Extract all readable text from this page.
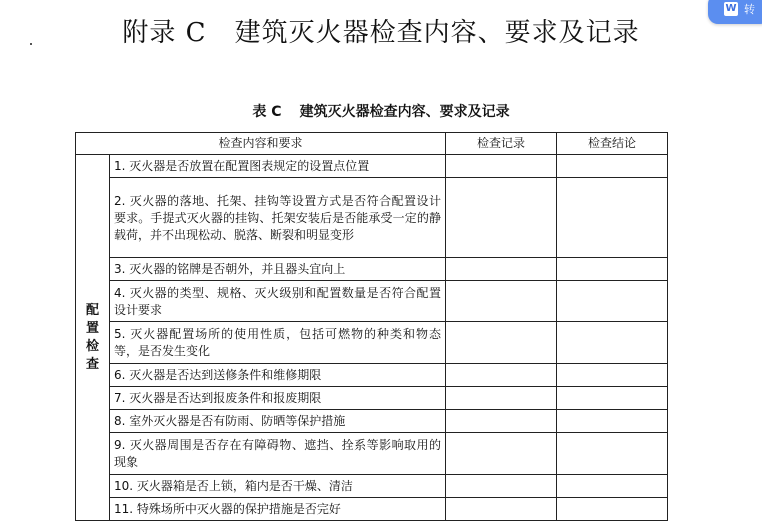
附录 C 建筑灭火器检查内容、要求及记录
W 转
表 C 建筑灭火器检查内容、要求及记录
检查内容和要求		检查记录	检查结论

配
置
检
查	1. 灭火器是否放置在配置图表规定的设置点位置		
	2. 灭火器的落地、托架、挂钩等设置方式是否符合配置设计要求。手提式灭火器的挂钩、托架安装后是否能承受一定的静载荷，并不出现松动、脱落、断裂和明显变形		
	3. 灭火器的铭牌是否朝外，并且器头宜向上		
	4. 灭火器的类型、规格、灭火级别和配置数量是否符合配置设计要求		
	5. 灭火器配置场所的使用性质，包括可燃物的种类和物态等，是否发生变化		
	6. 灭火器是否达到送修条件和维修期限		
	7. 灭火器是否达到报废条件和报废期限		
	8. 室外灭火器是否有防雨、防晒等保护措施		
	9. 灭火器周围是否存在有障碍物、遮挡、拴系等影响取用的现象		
	10. 灭火器箱是否上锁，箱内是否干燥、清洁		
	11. 特殊场所中灭火器的保护措施是否完好		
